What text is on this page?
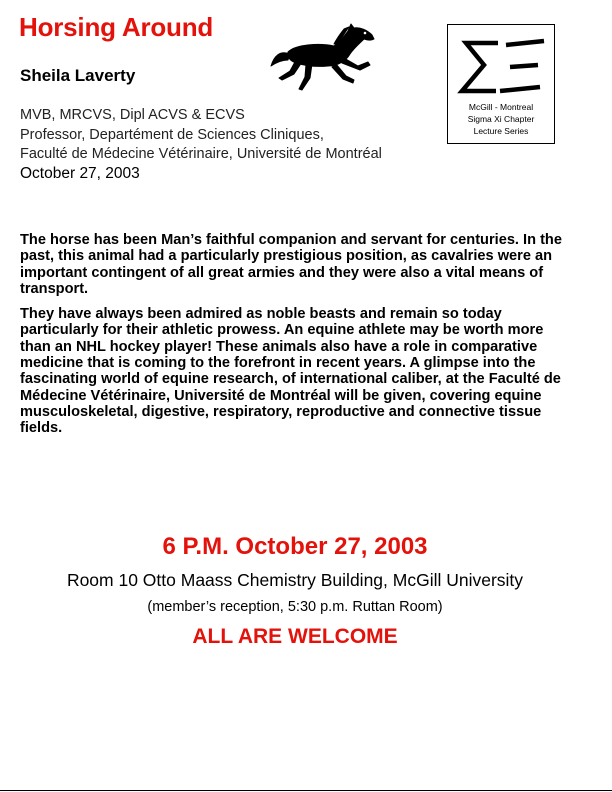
Horsing Around
Sheila Laverty
MVB, MRCVS, Dipl ACVS & ECVS
Professor, Departément de Sciences Cliniques,
Faculté de Médecine Vétérinaire, Université de Montréal
October 27, 2003
McGill - Montreal
Sigma Xi Chapter
Lecture Series

The horse has been Man’s faithful companion and servant for centuries. In the past, this animal had a particularly prestigious position, as cavalries were an important contingent of all great armies and they were also a vital means of transport.

They have always been admired as noble beasts and remain so today particularly for their athletic prowess. An equine athlete may be worth more than an NHL hockey player! These animals also have a role in comparative medicine that is coming to the forefront in recent years. A glimpse into the fascinating world of equine research, of international caliber, at the Faculté de Médecine Vétérinaire, Université de Montréal will be given, covering equine musculoskeletal, digestive, respiratory, reproductive and connective tissue fields.

6 P.M. October 27, 2003
Room 10 Otto Maass Chemistry Building, McGill University
(member’s reception, 5:30 p.m. Ruttan Room)
ALL ARE WELCOME
